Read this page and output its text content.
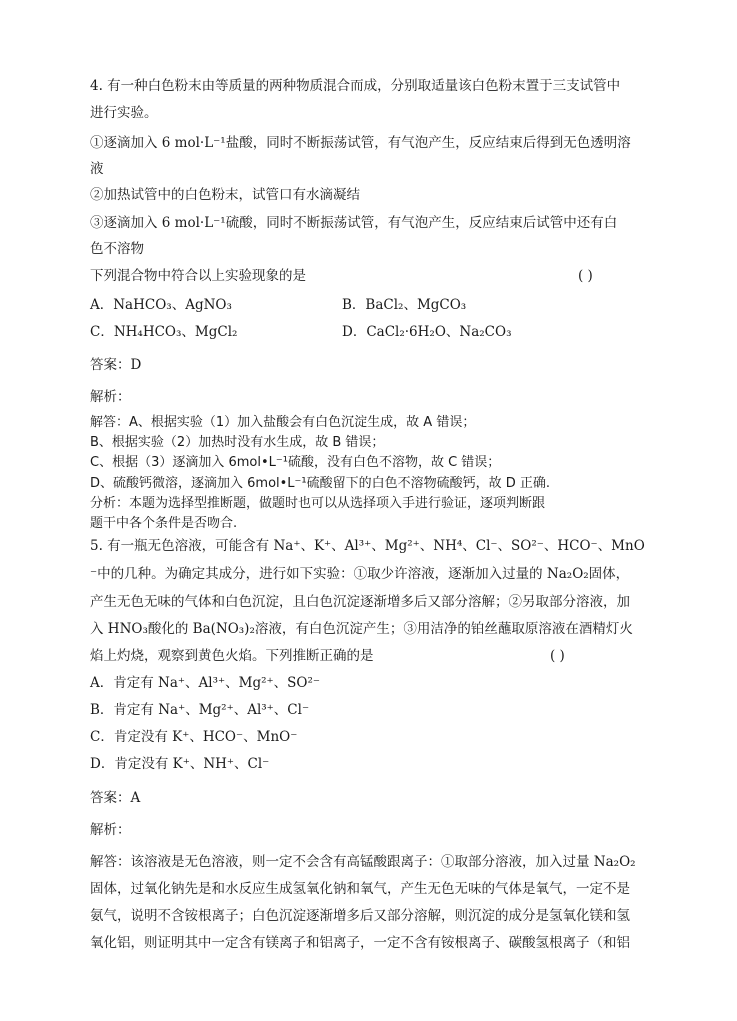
4. 有一种白色粉末由等质量的两种物质混合而成，分别取适量该白色粉末置于三支试管中
进行实验。
①逐滴加入 6 mol·L⁻¹盐酸，同时不断振荡试管，有气泡产生，反应结束后得到无色透明溶
液
②加热试管中的白色粉末，试管口有水滴凝结
③逐滴加入 6 mol·L⁻¹硫酸，同时不断振荡试管，有气泡产生，反应结束后试管中还有白
色不溶物
下列混合物中符合以上实验现象的是	( )
A．NaHCO₃、AgNO₃	B．BaCl₂、MgCO₃
C．NH₄HCO₃、MgCl₂	D．CaCl₂·6H₂O、Na₂CO₃
答案：D
解析：
解答：A、根据实验（1）加入盐酸会有白色沉淀生成，故 A 错误；
B、根据实验（2）加热时没有水生成，故 B 错误；
C、根据（3）逐滴加入 6mol•L⁻¹硫酸，没有白色不溶物，故 C 错误；
D、硫酸钙微溶，逐滴加入 6mol•L⁻¹硫酸留下的白色不溶物硫酸钙，故 D 正确.
分析：本题为选择型推断题，做题时也可以从选择项入手进行验证，逐项判断跟
题干中各个条件是否吻合.
5. 有一瓶无色溶液，可能含有 Na⁺、K⁺、Al³⁺、Mg²⁺、NH⁴、Cl⁻、SO²⁻、HCO⁻、MnO
⁻中的几种。为确定其成分，进行如下实验：①取少许溶液，逐渐加入过量的 Na₂O₂固体，
产生无色无味的气体和白色沉淀，且白色沉淀逐渐增多后又部分溶解；②另取部分溶液，加
入 HNO₃酸化的 Ba(NO₃)₂溶液，有白色沉淀产生；③用洁净的铂丝蘸取原溶液在酒精灯火
焰上灼烧，观察到黄色火焰。下列推断正确的是	( )
A．肯定有 Na⁺、Al³⁺、Mg²⁺、SO²⁻
B．肯定有 Na⁺、Mg²⁺、Al³⁺、Cl⁻
C．肯定没有 K⁺、HCO⁻、MnO⁻
D．肯定没有 K⁺、NH⁺、Cl⁻
答案：A
解析：
解答：该溶液是无色溶液，则一定不会含有高锰酸跟离子：①取部分溶液，加入过量 Na₂O₂
固体，过氧化钠先是和水反应生成氢氧化钠和氧气，产生无色无味的气体是氧气，一定不是
氨气，说明不含铵根离子；白色沉淀逐渐增多后又部分溶解，则沉淀的成分是氢氧化镁和氢
氧化铝，则证明其中一定含有镁离子和铝离子，一定不含有铵根离子、碳酸氢根离子（和铝
